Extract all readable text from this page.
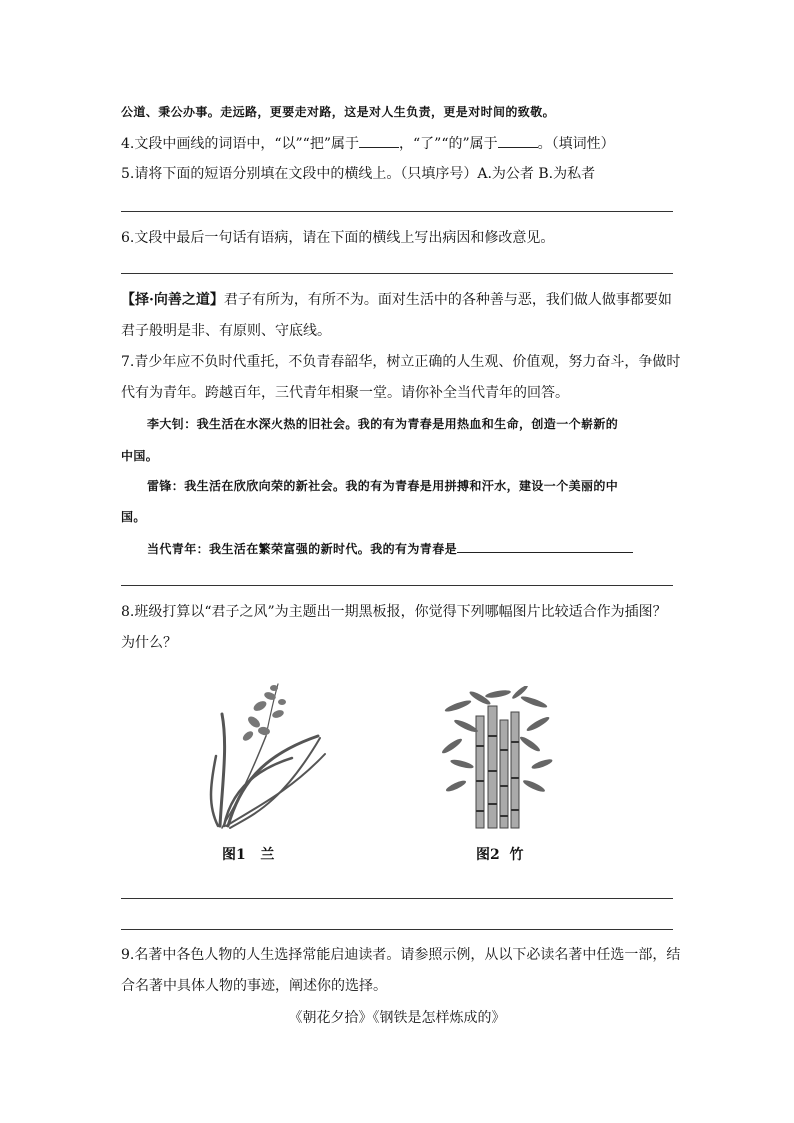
公道、秉公办事。走远路，更要走对路，这是对人生负责，更是对时间的致敬。
4.文段中画线的词语中，“以”“把”属于	，“了”“的”属于	。（填词性）
5.请将下面的短语分别填在文段中的横线上。（只填序号）A.为公者 B.为私者
6.文段中最后一句话有语病，请在下面的横线上写出病因和修改意见。
【择·向善之道】君子有所为，有所不为。面对生活中的各种善与恶，我们做人做事都要如
君子般明是非、有原则、守底线。
7.青少年应不负时代重托，不负青春韶华，树立正确的人生观、价值观，努力奋斗，争做时
代有为青年。跨越百年，三代青年相聚一堂。请你补全当代青年的回答。
李大钊：我生活在水深火热的旧社会。我的有为青春是用热血和生命，创造一个崭新的
中国。
雷锋：我生活在欣欣向荣的新社会。我的有为青春是用拼搏和汗水，建设一个美丽的中
国。
当代青年：我生活在繁荣富强的新时代。我的有为青春是
8.班级打算以“君子之风”为主题出一期黑板报，你觉得下列哪幅图片比较适合作为插图？
为什么？
图1   兰	图2  竹
9.名著中各色人物的人生选择常能启迪读者。请参照示例，从以下必读名著中任选一部，结
合名著中具体人物的事迹，阐述你的选择。
《朝花夕拾》《钢铁是怎样炼成的》
